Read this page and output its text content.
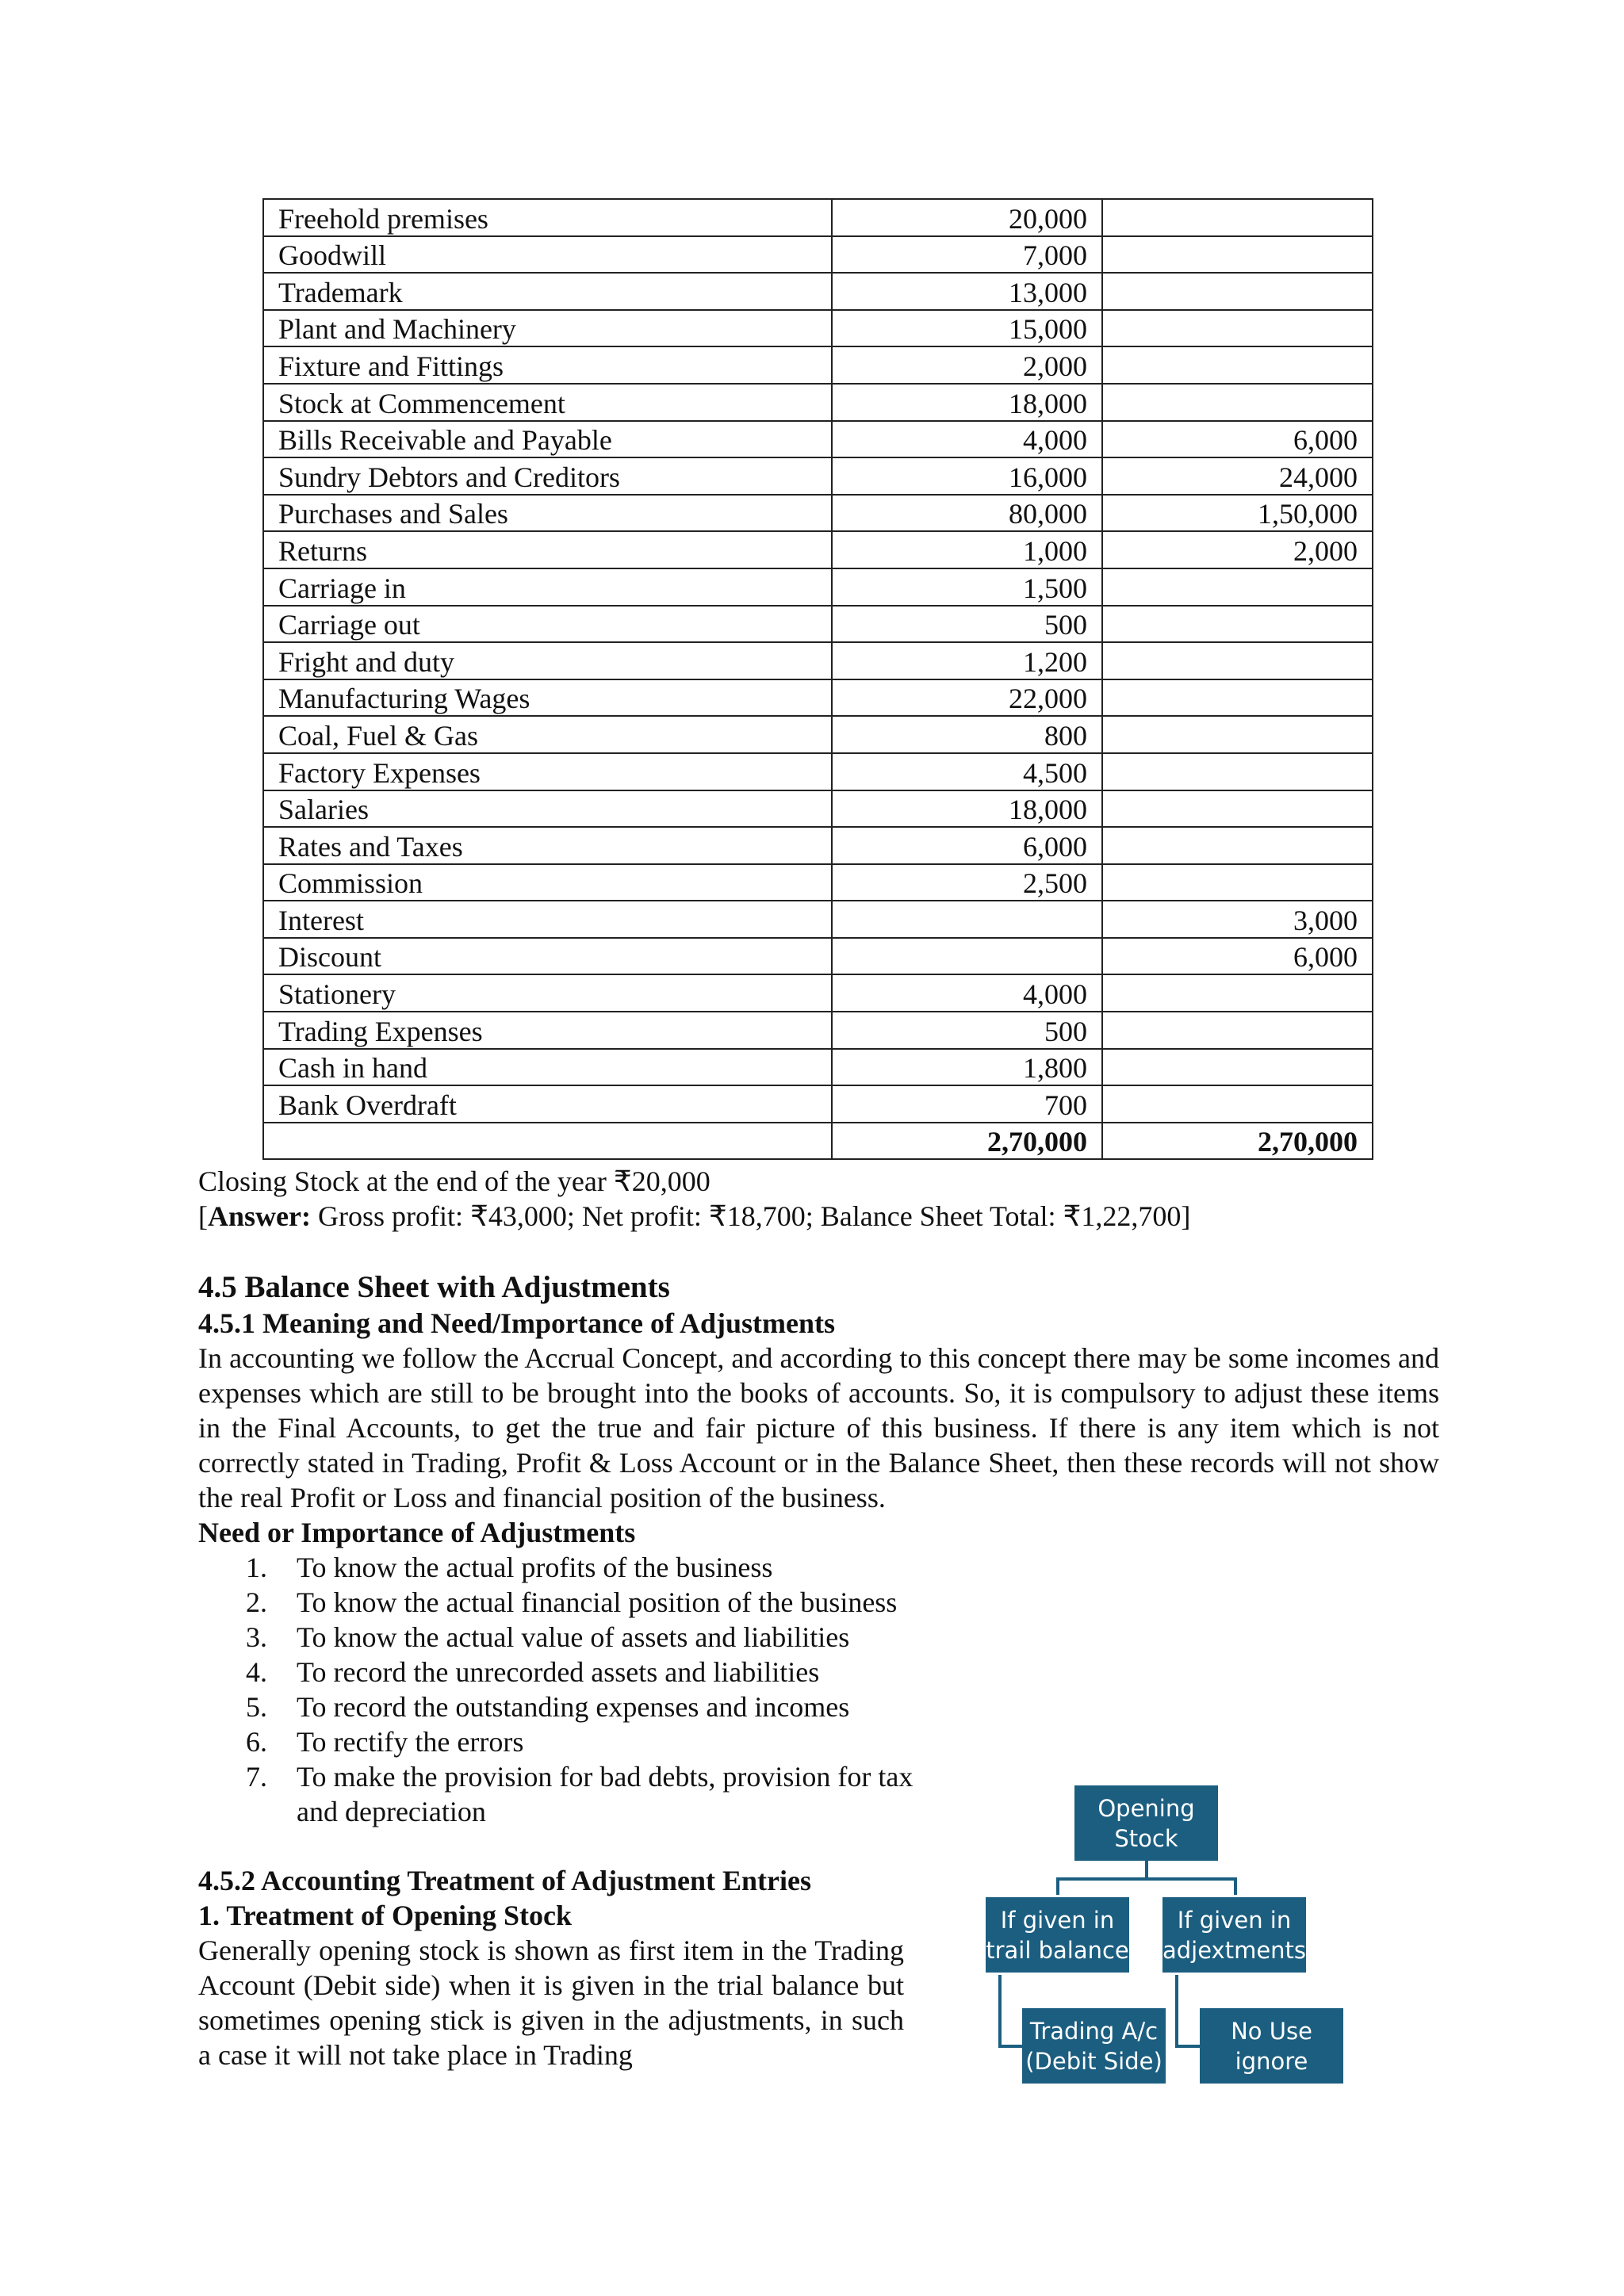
Freehold premises	20,000	
Goodwill	7,000	
Trademark	13,000	
Plant and Machinery	15,000	
Fixture and Fittings	2,000	
Stock at Commencement	18,000	
Bills Receivable and Payable	4,000	6,000
Sundry Debtors and Creditors	16,000	24,000
Purchases and Sales	80,000	1,50,000
Returns	1,000	2,000
Carriage in	1,500	
Carriage out	500	
Fright and duty	1,200	
Manufacturing Wages	22,000	
Coal, Fuel & Gas	800	
Factory Expenses	4,500	
Salaries	18,000	
Rates and Taxes	6,000	
Commission	2,500	
Interest		3,000
Discount		6,000
Stationery	4,000	
Trading Expenses	500	
Cash in hand	1,800	
Bank Overdraft	700	
	2,70,000	2,70,000
Closing Stock at the end of the year ₹20,000
[Answer: Gross profit: ₹43,000; Net profit: ₹18,700; Balance Sheet Total: ₹1,22,700]
4.5 Balance Sheet with Adjustments
4.5.1 Meaning and Need/Importance of Adjustments
In accounting we follow the Accrual Concept, and according to this concept there may be some incomes and expenses which are still to be brought into the books of accounts. So, it is compulsory to adjust these items in the Final Accounts, to get the true and fair picture of this business. If there is any item which is not correctly stated in Trading, Profit & Loss Account or in the Balance Sheet, then these records will not show the real Profit or Loss and financial position of the business.
Need or Importance of Adjustments
1.	To know the actual profits of the business
2.	To know the actual financial position of the business
3.	To know the actual value of assets and liabilities
4.	To record the unrecorded assets and liabilities
5.	To record the outstanding expenses and incomes
6.	To rectify the errors
7.	To make the provision for bad debts, provision for tax and depreciation
4.5.2 Accounting Treatment of Adjustment Entries
1. Treatment of Opening Stock
Generally opening stock is shown as first item in the Trading Account (Debit side) when it is given in the trial balance but sometimes opening stick is given in the adjustments, in such a case it will not take place in Trading
Opening Stock
If given in trail balance
If given in adjextments
Trading A/c (Debit Side)
No Use ignore
